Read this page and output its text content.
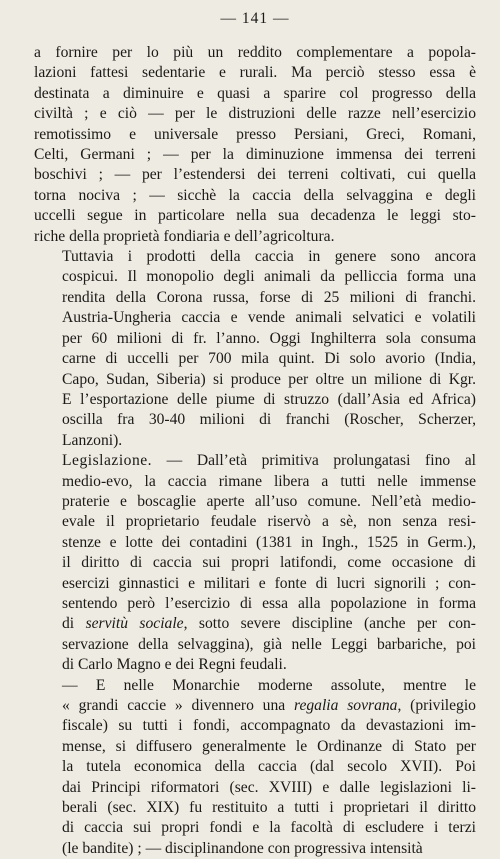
— 141 —
a fornire per lo più un reddito complementare a popola-
lazioni fattesi sedentarie e rurali. Ma perciò stesso essa è
destinata a diminuire e quasi a sparire col progresso della
civiltà ; e ciò — per le distruzioni delle razze nell’esercizio
remotissimo e universale presso Persiani, Greci, Romani,
Celti, Germani ; — per la diminuzione immensa dei terreni
boschivi ; — per l’estendersi dei terreni coltivati, cui quella
torna nociva ; — sicchè la caccia della selvaggina e degli
uccelli segue in particolare nella sua decadenza le leggi sto-
riche della proprietà fondiaria e dell’agricoltura.
Tuttavia i prodotti della caccia in genere sono ancora
cospicui. Il monopolio degli animali da pelliccia forma una
rendita della Corona russa, forse di 25 milioni di franchi.
Austria-Ungheria caccia e vende animali selvatici e volatili
per 60 milioni di fr. l’anno. Oggi Inghilterra sola consuma
carne di uccelli per 700 mila quint. Di solo avorio (India,
Capo, Sudan, Siberia) si produce per oltre un milione di Kgr.
E l’esportazione delle piume di struzzo (dall’Asia ed Africa)
oscilla fra 30-40 milioni di franchi (Roscher, Scherzer,
Lanzoni).
Legislazione. — Dall’età primitiva prolungatasi fino al
medio-evo, la caccia rimane libera a tutti nelle immense
praterie e boscaglie aperte all’uso comune. Nell’età medio-
evale il proprietario feudale riservò a sè, non senza resi-
stenze e lotte dei contadini (1381 in Ingh., 1525 in Germ.),
il diritto di caccia sui propri latifondi, come occasione di
esercizi ginnastici e militari e fonte di lucri signorili ; con-
sentendo però l’esercizio di essa alla popolazione in forma
di servitù sociale, sotto severe discipline (anche per con-
servazione della selvaggina), già nelle Leggi barbariche, poi
di Carlo Magno e dei Regni feudali.
— E nelle Monarchie moderne assolute, mentre le
« grandi caccie » divennero una regalia sovrana, (privilegio
fiscale) su tutti i fondi, accompagnato da devastazioni im-
mense, si diffusero generalmente le Ordinanze di Stato per
la tutela economica della caccia (dal secolo XVII). Poi
dai Principi riformatori (sec. XVIII) e dalle legislazioni li-
berali (sec. XIX) fu restituito a tutti i proprietari il diritto
di caccia sui propri fondi e la facoltà di escludere i terzi
(le bandite) ; — disciplinandone con progressiva intensità
